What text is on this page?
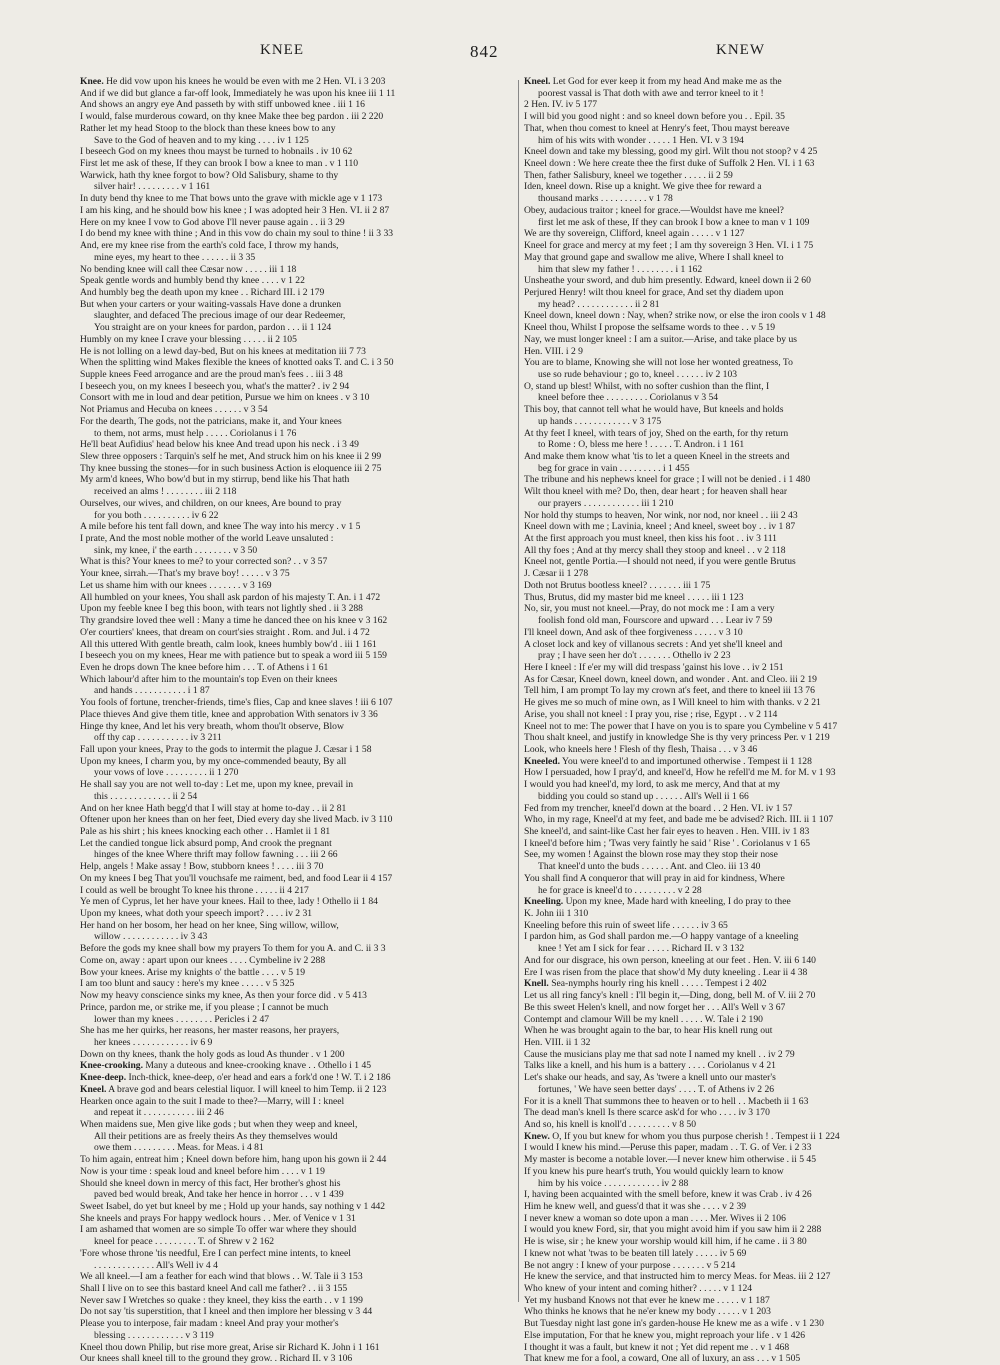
KNEE	842	KNEW
Knee. He did vow upon his knees he would be even with me 2 Hen. VI. i 3 203
And if we did but glance a far-off look, Immediately he was upon his knee iii 1 11
And shows an angry eye And passeth by with stiff unbowed knee . iii 1 16
I would, false murderous coward, on thy knee Make thee beg pardon . iii 2 220
Rather let my head Stoop to the block than these knees bow to any
Save to the God of heaven and to my king . . . . iv 1 125
I beseech God on my knees thou mayst be turned to hobnails . iv 10 62
First let me ask of these, If they can brook I bow a knee to man . v 1 110
Warwick, hath thy knee forgot to bow? Old Salisbury, shame to thy
silver hair! . . . . . . . . . v 1 161
In duty bend thy knee to me That bows unto the grave with mickle age v 1 173
I am his king, and he should bow his knee ; I was adopted heir 3 Hen. VI. ii 2 87
Here on my knee I vow to God above I'll never pause again . . ii 3 29
I do bend my knee with thine ; And in this vow do chain my soul to thine ! ii 3 33
And, ere my knee rise from the earth's cold face, I throw my hands,
mine eyes, my heart to thee . . . . . . ii 3 35
No bending knee will call thee Cæsar now . . . . . iii 1 18
Speak gentle words and humbly bend thy knee . . . . v 1 22
And humbly beg the death upon my knee . . Richard III. i 2 179
But when your carters or your waiting-vassals Have done a drunken
slaughter, and defaced The precious image of our dear Redeemer,
You straight are on your knees for pardon, pardon . . . ii 1 124
Humbly on my knee I crave your blessing . . . . . ii 2 105
He is not lolling on a lewd day-bed, But on his knees at meditation iii 7 73
When the splitting wind Makes flexible the knees of knotted oaks T. and C. i 3 50
Supple knees Feed arrogance and are the proud man's fees . . iii 3 48
I beseech you, on my knees I beseech you, what's the matter? . iv 2 94
Consort with me in loud and dear petition, Pursue we him on knees . v 3 10
Not Priamus and Hecuba on knees . . . . . . v 3 54
For the dearth, The gods, not the patricians, make it, and Your knees
to them, not arms, must help . . . . . Coriolanus i 1 76
He'll beat Aufidius' head below his knee And tread upon his neck . i 3 49
Slew three opposers : Tarquin's self he met, And struck him on his knee ii 2 99
Thy knee bussing the stones—for in such business Action is eloquence iii 2 75
My arm'd knees, Who bow'd but in my stirrup, bend like his That hath
received an alms ! . . . . . . . . iii 2 118
Ourselves, our wives, and children, on our knees, Are bound to pray
for you both . . . . . . . . . . iv 6 22
A mile before his tent fall down, and knee The way into his mercy . v 1 5
I prate, And the most noble mother of the world Leave unsaluted :
sink, my knee, i' the earth . . . . . . . . v 3 50
What is this? Your knees to me? to your corrected son? . . v 3 57
Your knee, sirrah.—That's my brave boy! . . . . . v 3 75
Let us shame him with our knees . . . . . . . v 3 169
All humbled on your knees, You shall ask pardon of his majesty T. An. i 1 472
Upon my feeble knee I beg this boon, with tears not lightly shed . ii 3 288
Thy grandsire loved thee well : Many a time he danced thee on his knee v 3 162
O'er courtiers' knees, that dream on court'sies straight . Rom. and Jul. i 4 72
All this uttered With gentle breath, calm look, knees humbly bow'd . iii 1 161
I beseech you on my knees, Hear me with patience but to speak a word iii 5 159
Even he drops down The knee before him . . . T. of Athens i 1 61
Which labour'd after him to the mountain's top Even on their knees
and hands . . . . . . . . . . . i 1 87
You fools of fortune, trencher-friends, time's flies, Cap and knee slaves ! iii 6 107
Place thieves And give them title, knee and approbation With senators iv 3 36
Hinge thy knee, And let his very breath, whom thou'lt observe, Blow
off thy cap . . . . . . . . . . . iv 3 211
Fall upon your knees, Pray to the gods to intermit the plague J. Cæsar i 1 58
Upon my knees, I charm you, by my once-commended beauty, By all
your vows of love . . . . . . . . . ii 1 270
He shall say you are not well to-day : Let me, upon my knee, prevail in
this . . . . . . . . . . . . . ii 2 54
And on her knee Hath begg'd that I will stay at home to-day . . ii 2 81
Oftener upon her knees than on her feet, Died every day she lived Macb. iv 3 110
Pale as his shirt ; his knees knocking each other . . Hamlet ii 1 81
Let the candied tongue lick absurd pomp, And crook the pregnant
hinges of the knee Where thrift may follow fawning . . . iii 2 66
Help, angels ! Make assay ! Bow, stubborn knees ! . . . . iii 3 70
On my knees I beg That you'll vouchsafe me raiment, bed, and food Lear ii 4 157
I could as well be brought To knee his throne . . . . . ii 4 217
Ye men of Cyprus, let her have your knees. Hail to thee, lady ! Othello ii 1 84
Upon my knees, what doth your speech import? . . . . iv 2 31
Her hand on her bosom, her head on her knee, Sing willow, willow,
willow . . . . . . . . . . . . iv 3 43
Before the gods my knee shall bow my prayers To them for you A. and C. ii 3 3
Come on, away : apart upon our knees . . . . Cymbeline iv 2 288
Bow your knees. Arise my knights o' the battle . . . . v 5 19
I am too blunt and saucy : here's my knee . . . . . v 5 325
Now my heavy conscience sinks my knee, As then your force did . v 5 413
Prince, pardon me, or strike me, if you please ; I cannot be much
lower than my knees . . . . . . . . Pericles i 2 47
She has me her quirks, her reasons, her master reasons, her prayers,
her knees . . . . . . . . . . . . iv 6 9
Down on thy knees, thank the holy gods as loud As thunder . v 1 200
Knee-crooking. Many a duteous and knee-crooking knave . . Othello i 1 45
Knee-deep. Inch-thick, knee-deep, o'er head and ears a fork'd one ! W. T. i 2 186
Kneel. A brave god and bears celestial liquor. I will kneel to him Temp. ii 2 123
Hearken once again to the suit I made to thee?—Marry, will I : kneel
and repeat it . . . . . . . . . . . iii 2 46
When maidens sue, Men give like gods ; but when they weep and kneel,
All their petitions are as freely theirs As they themselves would
owe them . . . . . . . . . Meas. for Meas. i 4 81
To him again, entreat him ; Kneel down before him, hang upon his gown ii 2 44
Now is your time : speak loud and kneel before him . . . . v 1 19
Should she kneel down in mercy of this fact, Her brother's ghost his
paved bed would break, And take her hence in horror . . . v 1 439
Sweet Isabel, do yet but kneel by me ; Hold up your hands, say nothing v 1 442
She kneels and prays For happy wedlock hours . . Mer. of Venice v 1 31
I am ashamed that women are so simple To offer war where they should
kneel for peace . . . . . . . . . T. of Shrew v 2 162
'Fore whose throne 'tis needful, Ere I can perfect mine intents, to kneel
. . . . . . . . . . . . . All's Well iv 4 4
We all kneel.—I am a feather for each wind that blows . . W. Tale ii 3 153
Shall I live on to see this bastard kneel And call me father? . . ii 3 155
Never saw I Wretches so quake : they kneel, they kiss the earth . . v 1 199
Do not say 'tis superstition, that I kneel and then implore her blessing v 3 44
Please you to interpose, fair madam : kneel And pray your mother's
blessing . . . . . . . . . . . . v 3 119
Kneel thou down Philip, but rise more great, Arise sir Richard K. John i 1 161
Our knees shall kneel till to the ground they grow. . Richard II. v 3 106
Kneel. Let God for ever keep it from my head And make me as the
poorest vassal is That doth with awe and terror kneel to it !
2 Hen. IV. iv 5 177
I will bid you good night : and so kneel down before you . . Epil. 35
That, when thou comest to kneel at Henry's feet, Thou mayst bereave
him of his wits with wonder . . . . . 1 Hen. VI. v 3 194
Kneel down and take my blessing, good my girl. Wilt thou not stoop? v 4 25
Kneel down : We here create thee the first duke of Suffolk 2 Hen. VI. i 1 63
Then, father Salisbury, kneel we together . . . . . ii 2 59
Iden, kneel down. Rise up a knight. We give thee for reward a
thousand marks . . . . . . . . . . v 1 78
Obey, audacious traitor ; kneel for grace.—Wouldst have me kneel?
first let me ask of these, If they can brook I bow a knee to man v 1 109
We are thy sovereign, Clifford, kneel again . . . . . v 1 127
Kneel for grace and mercy at my feet ; I am thy sovereign 3 Hen. VI. i 1 75
May that ground gape and swallow me alive, Where I shall kneel to
him that slew my father ! . . . . . . . . i 1 162
Unsheathe your sword, and dub him presently. Edward, kneel down ii 2 60
Perjured Henry! wilt thou kneel for grace, And set thy diadem upon
my head? . . . . . . . . . . . . ii 2 81
Kneel down, kneel down : Nay, when? strike now, or else the iron cools v 1 48
Kneel thou, Whilst I propose the selfsame words to thee . . v 5 19
Nay, we must longer kneel : I am a suitor.—Arise, and take place by us
Hen. VIII. i 2 9
You are to blame, Knowing she will not lose her wonted greatness, To
use so rude behaviour ; go to, kneel . . . . . . iv 2 103
O, stand up blest! Whilst, with no softer cushion than the flint, I
kneel before thee . . . . . . . . . Coriolanus v 3 54
This boy, that cannot tell what he would have, But kneels and holds
up hands . . . . . . . . . . . . v 3 175
At thy feet I kneel, with tears of joy, Shed on the earth, for thy return
to Rome : O, bless me here ! . . . . . T. Andron. i 1 161
And make them know what 'tis to let a queen Kneel in the streets and
beg for grace in vain . . . . . . . . . i 1 455
The tribune and his nephews kneel for grace ; I will not be denied . i 1 480
Wilt thou kneel with me? Do, then, dear heart ; for heaven shall hear
our prayers . . . . . . . . . . . . iii 1 210
Nor hold thy stumps to heaven, Nor wink, nor nod, nor kneel . . iii 2 43
Kneel down with me ; Lavinia, kneel ; And kneel, sweet boy . . iv 1 87
At the first approach you must kneel, then kiss his foot . . iv 3 111
All thy foes ; And at thy mercy shall they stoop and kneel . . v 2 118
Kneel not, gentle Portia.—I should not need, if you were gentle Brutus
J. Cæsar ii 1 278
Doth not Brutus bootless kneel? . . . . . . . iii 1 75
Thus, Brutus, did my master bid me kneel . . . . . iii 1 123
No, sir, you must not kneel.—Pray, do not mock me : I am a very
foolish fond old man, Fourscore and upward . . . Lear iv 7 59
I'll kneel down, And ask of thee forgiveness . . . . . v 3 10
A closet lock and key of villanous secrets : And yet she'll kneel and
pray ; I have seen her do't . . . . . . . Othello iv 2 23
Here I kneel : If e'er my will did trespass 'gainst his love . . iv 2 151
As for Cæsar, Kneel down, kneel down, and wonder . Ant. and Cleo. iii 2 19
Tell him, I am prompt To lay my crown at's feet, and there to kneel iii 13 76
He gives me so much of mine own, as I Will kneel to him with thanks. v 2 21
Arise, you shall not kneel : I pray you, rise ; rise, Egypt . . v 2 114
Kneel not to me: The power that I have on you is to spare you Cymbeline v 5 417
Thou shalt kneel, and justify in knowledge She is thy very princess Per. v 1 219
Look, who kneels here ! Flesh of thy flesh, Thaisa . . . v 3 46
Kneeled. You were kneel'd to and importuned otherwise . Tempest ii 1 128
How I persuaded, how I pray'd, and kneel'd, How he refell'd me M. for M. v 1 93
I would you had kneel'd, my lord, to ask me mercy, And that at my
bidding you could so stand up . . . . . . All's Well ii 1 66
Fed from my trencher, kneel'd down at the board . . 2 Hen. VI. iv 1 57
Who, in my rage, Kneel'd at my feet, and bade me be advised? Rich. III. ii 1 107
She kneel'd, and saint-like Cast her fair eyes to heaven . Hen. VIII. iv 1 83
I kneel'd before him ; 'Twas very faintly he said ' Rise ' . Coriolanus v 1 65
See, my women ! Against the blown rose may they stop their nose
That kneel'd unto the buds . . . . . . Ant. and Cleo. iii 13 40
You shall find A conqueror that will pray in aid for kindness, Where
he for grace is kneel'd to . . . . . . . . . v 2 28
Kneeling. Upon my knee, Made hard with kneeling, I do pray to thee
K. John iii 1 310
Kneeling before this ruin of sweet life . . . . . . iv 3 65
I pardon him, as God shall pardon me.—O happy vantage of a kneeling
knee ! Yet am I sick for fear . . . . . Richard II. v 3 132
And for our disgrace, his own person, kneeling at our feet . Hen. V. iii 6 140
Ere I was risen from the place that show'd My duty kneeling . Lear ii 4 38
Knell. Sea-nymphs hourly ring his knell . . . . . Tempest i 2 402
Let us all ring fancy's knell : I'll begin it,—Ding, dong, bell M. of V. iii 2 70
Be this sweet Helen's knell, and now forget her . . . All's Well v 3 67
Contempt and clamour Will be my knell . . . . . W. Tale i 2 190
When he was brought again to the bar, to hear His knell rung out
Hen. VIII. ii 1 32
Cause the musicians play me that sad note I named my knell . . iv 2 79
Talks like a knell, and his hum is a battery . . . . Coriolanus v 4 21
Let's shake our heads, and say, As 'twere a knell unto our master's
fortunes, ' We have seen better days' . . . . T. of Athens iv 2 26
For it is a knell That summons thee to heaven or to hell . . Macbeth ii 1 63
The dead man's knell Is there scarce ask'd for who . . . . iv 3 170
And so, his knell is knoll'd . . . . . . . . . v 8 50
Knew. O, If you but knew for whom you thus purpose cherish ! . Tempest ii 1 224
I would I knew his mind.—Peruse this paper, madam . . T. G. of Ver. i 2 33
My master is become a notable lover.—I never knew him otherwise . ii 5 45
If you knew his pure heart's truth, You would quickly learn to know
him by his voice . . . . . . . . . . . . iv 2 88
I, having been acquainted with the smell before, knew it was Crab . iv 4 26
Him he knew well, and guess'd that it was she . . . . v 2 39
I never knew a woman so dote upon a man . . . . Mer. Wives ii 2 106
I would you knew Ford, sir, that you might avoid him if you saw him ii 2 288
He is wise, sir ; he knew your worship would kill him, if he came . ii 3 80
I knew not what 'twas to be beaten till lately . . . . . iv 5 69
Be not angry : I knew of your purpose . . . . . . . v 5 214
He knew the service, and that instructed him to mercy Meas. for Meas. iii 2 127
Who knew of your intent and coming hither? . . . . . v 1 124
Yet my husband Knows not that ever he knew me . . . . . v 1 187
Who thinks he knows that he ne'er knew my body . . . . . v 1 203
But Tuesday night last gone in's garden-house He knew me as a wife . v 1 230
Else imputation, For that he knew you, might reproach your life . v 1 426
I thought it was a fault, but knew it not ; Yet did repent me . . v 1 468
That knew me for a fool, a coward, One all of luxury, an ass . . . v 1 505
